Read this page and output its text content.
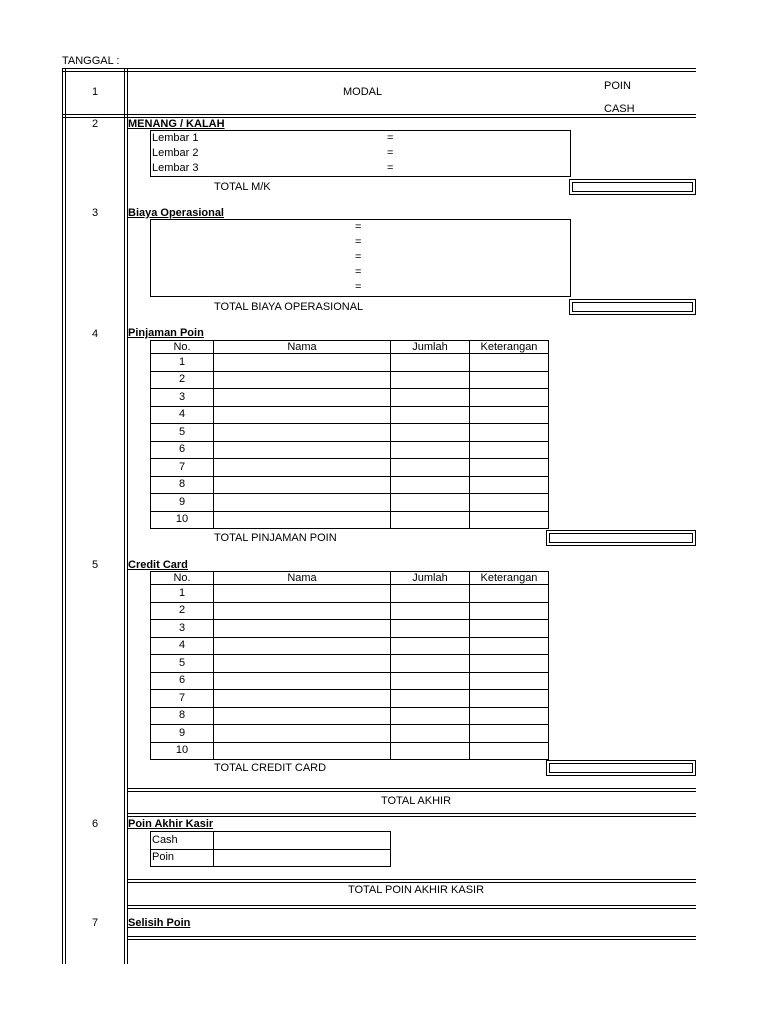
TANGGAL :
1	MODAL	POIN
CASH
2	MENANG / KALAH
Lembar 1	=
Lembar 2	=
Lembar 3	=
TOTAL M/K
3	Biaya Operasional
=
=
=
=
=
TOTAL BIAYA OPERASIONAL
4	Pinjaman Poin
No.	Nama	Jumlah	Keterangan
1			
2			
3			
4			
5			
6			
7			
8			
9			
10			
TOTAL PINJAMAN POIN
5	Credit Card
No.	Nama	Jumlah	Keterangan
1			
2			
3			
4			
5			
6			
7			
8			
9			
10			
TOTAL CREDIT CARD
TOTAL AKHIR
6	Poin Akhir Kasir
Cash	
Poin	
TOTAL POIN AKHIR KASIR
7	Selisih Poin
